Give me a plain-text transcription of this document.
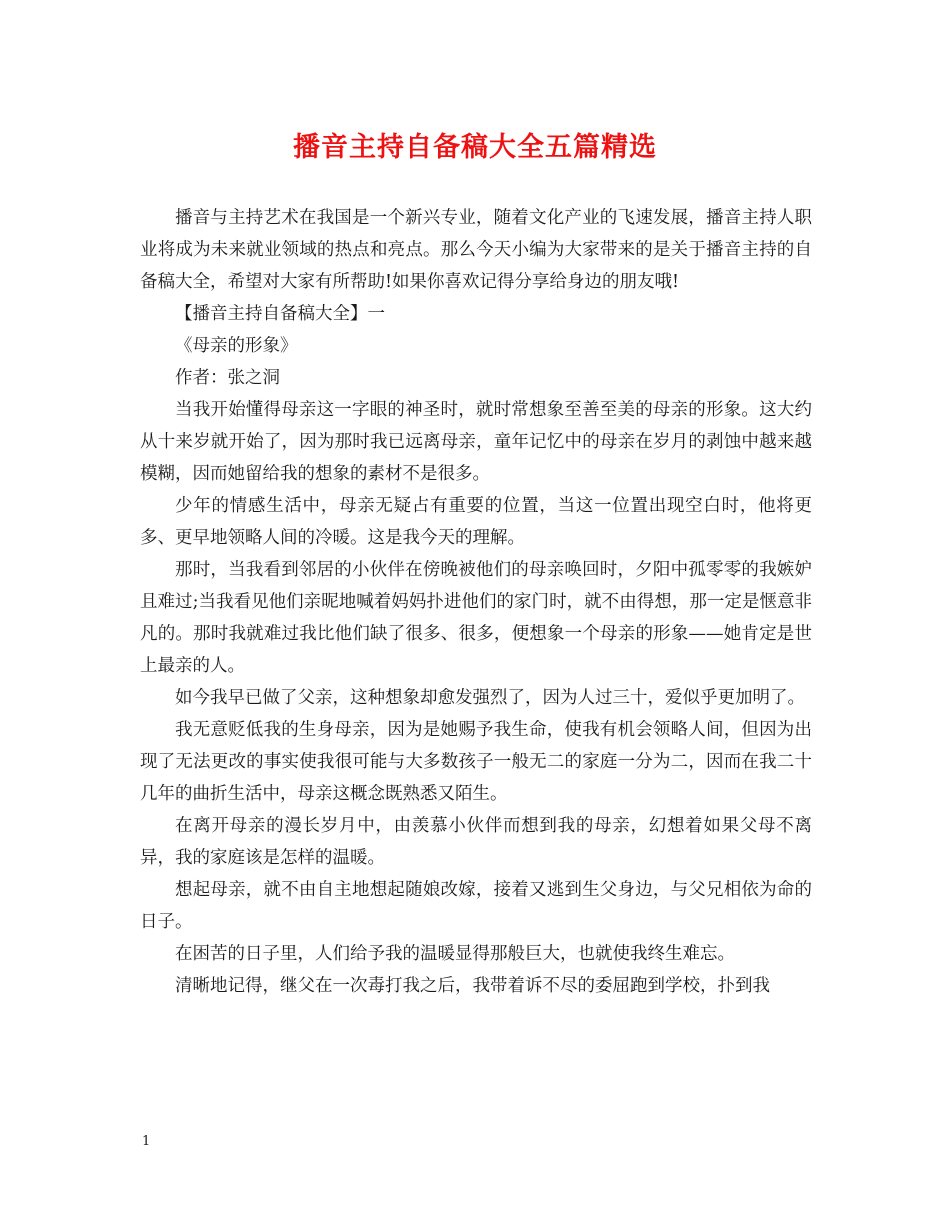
播音主持自备稿大全五篇精选

播音与主持艺术在我国是一个新兴专业，随着文化产业的飞速发展，播音主持人职业将成为未来就业领域的热点和亮点。那么今天小编为大家带来的是关于播音主持的自备稿大全，希望对大家有所帮助!如果你喜欢记得分享给身边的朋友哦!

【播音主持自备稿大全】一

《母亲的形象》

作者：张之洞

当我开始懂得母亲这一字眼的神圣时，就时常想象至善至美的母亲的形象。这大约从十来岁就开始了，因为那时我已远离母亲，童年记忆中的母亲在岁月的剥蚀中越来越模糊，因而她留给我的想象的素材不是很多。

少年的情感生活中，母亲无疑占有重要的位置，当这一位置出现空白时，他将更多、更早地领略人间的冷暖。这是我今天的理解。

那时，当我看到邻居的小伙伴在傍晚被他们的母亲唤回时，夕阳中孤零零的我嫉妒且难过;当我看见他们亲昵地喊着妈妈扑进他们的家门时，就不由得想，那一定是惬意非凡的。那时我就难过我比他们缺了很多、很多，便想象一个母亲的形象——她肯定是世上最亲的人。

如今我早已做了父亲，这种想象却愈发强烈了，因为人过三十，爱似乎更加明了。

我无意贬低我的生身母亲，因为是她赐予我生命，使我有机会领略人间，但因为出现了无法更改的事实使我很可能与大多数孩子一般无二的家庭一分为二，因而在我二十几年的曲折生活中，母亲这概念既熟悉又陌生。

在离开母亲的漫长岁月中，由羡慕小伙伴而想到我的母亲，幻想着如果父母不离异，我的家庭该是怎样的温暖。

想起母亲，就不由自主地想起随娘改嫁，接着又逃到生父身边，与父兄相依为命的日子。

在困苦的日子里，人们给予我的温暖显得那般巨大，也就使我终生难忘。

清晰地记得，继父在一次毒打我之后，我带着诉不尽的委屈跑到学校，扑到我

1
